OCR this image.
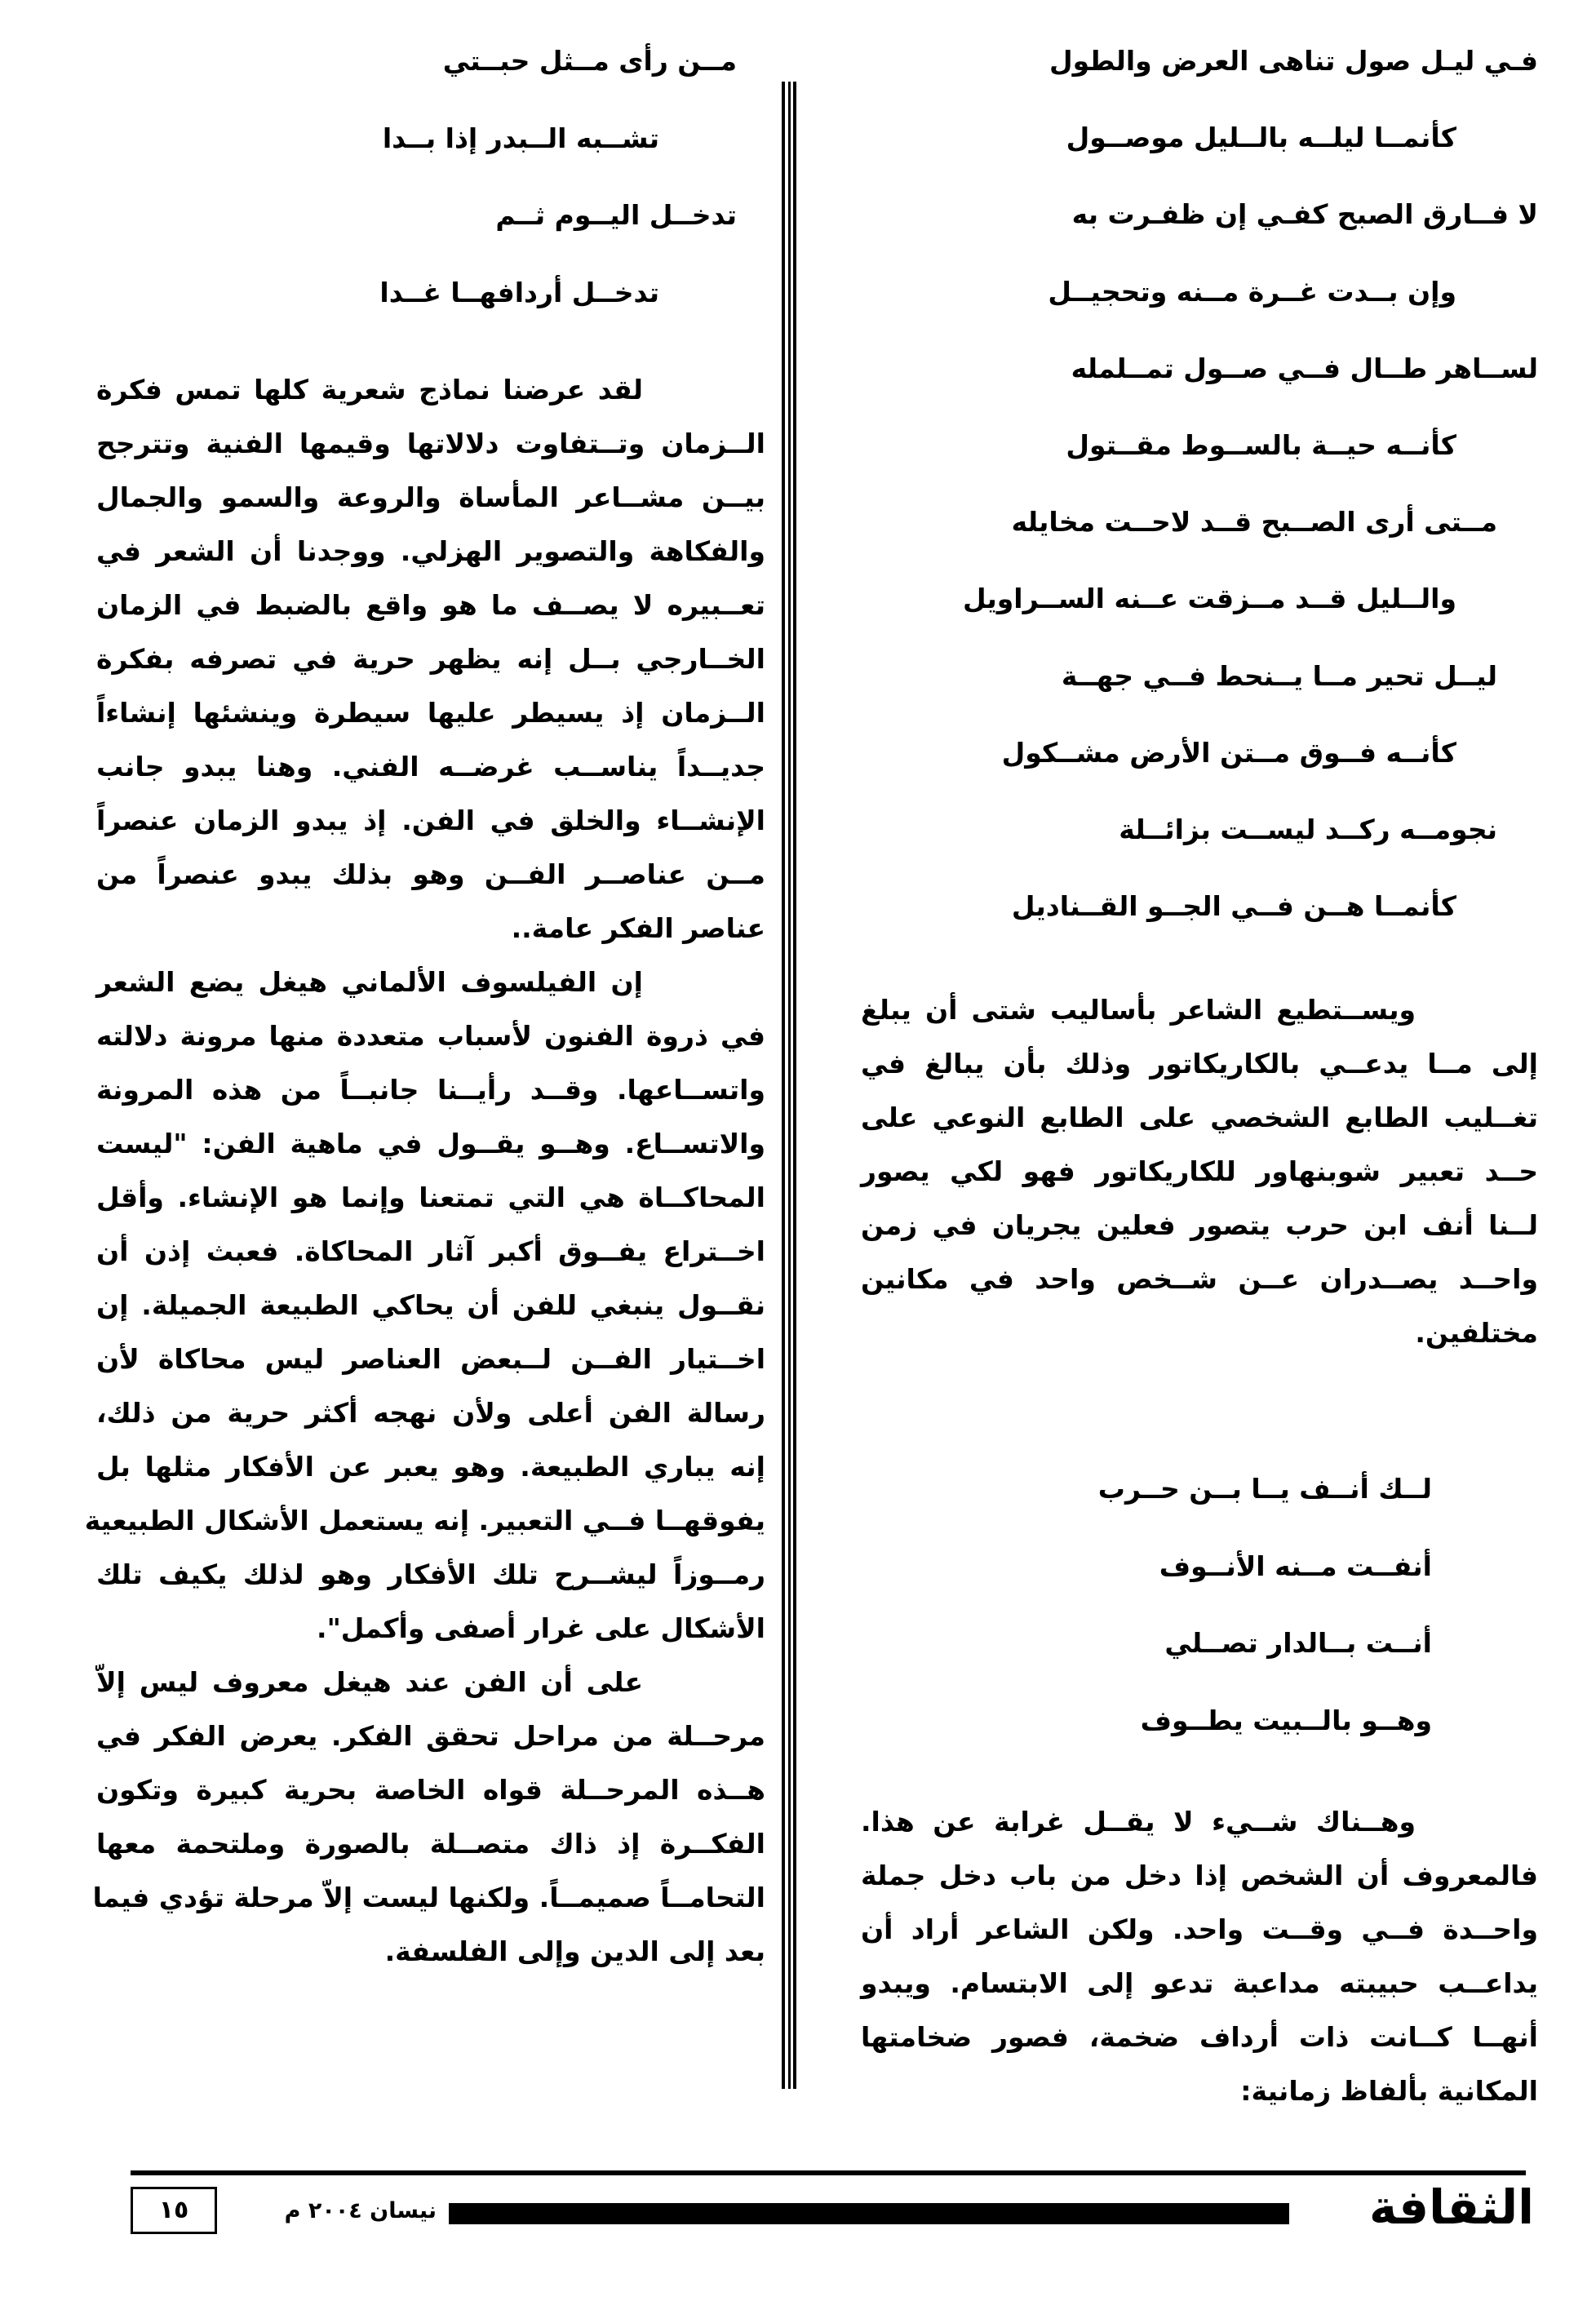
فـي ليـل صول تناهى العرض والطول
كأنمــا ليلــه بالــليل موصــول
لا فــارق الصبح كفـي إن ظفـرت به
وإن بــدت غــرة مــنه وتحجيــل
لســاهر طــال فــي صــول تمــلمله
كأنــه حيــة بالســوط مقــتول
مــتى أرى الصــبح قــد لاحــت مخايله
والــليل قــد مــزقت عــنه الســراويل
ليــل تحير مــا يــنحط فــي جهــة
كأنــه فــوق مــتن الأرض مشــكول
نجومــه ركــد ليســت بزائــلة
كأنمــا هــن فــي الجــو القــناديل
ويســتطيع الشاعر بأساليب شتى أن يبلغ
إلى مــا يدعــي بالكاريكاتور وذلك بأن يبالغ في
تغــليب الطابع الشخصي على الطابع النوعي على
حــد تعبير شوبنهاور للكاريكاتور فهو لكي يصور
لــنا أنف ابن حرب يتصور فعلين يجريان في زمن
واحــد يصــدران عــن شــخص واحد في مكانين
مختلفين.
لــك أنــف يــا بــن حــرب
أنفــت مــنه الأنــوف
أنــت بــالدار تصــلي
وهــو بالــبيت يطــوف
وهــناك شــيء لا يقــل غرابة عن هذا.
فالمعروف أن الشخص إذا دخل من باب دخل جملة
واحــدة فــي وقــت واحد. ولكن الشاعر أراد أن
يداعــب حبيبته مداعبة تدعو إلى الابتسام. ويبدو
أنهــا كــانت ذات أرداف ضخمة، فصور ضخامتها
المكانية بألفاظ زمانية:
مــن رأى مــثل حبــتي
تشــبه الــبدر إذا بــدا
تدخــل اليــوم ثــم
تدخــل أردافهــا غــدا
لقد عرضنا نماذج شعرية كلها تمس فكرة
الــزمان وتــتفاوت دلالاتها وقيمها الفنية وتترجح
بيــن مشــاعر المأساة والروعة والسمو والجمال
والفكاهة والتصوير الهزلي. ووجدنا أن الشعر في
تعــبيره لا يصــف ما هو واقع بالضبط في الزمان
الخــارجي بــل إنه يظهر حرية في تصرفه بفكرة
الــزمان إذ يسيطر عليها سيطرة وينشئها إنشاءاً
جديــداً يناســب غرضــه الفني. وهنا يبدو جانب
الإنشــاء والخلق في الفن. إذ يبدو الزمان عنصراً
مــن عناصــر الفــن وهو بذلك يبدو عنصراً من
عناصر الفكر عامة..
إن الفيلسوف الألماني هيغل يضع الشعر
في ذروة الفنون لأسباب متعددة منها مرونة دلالته
واتســاعها. وقــد رأيــنا جانبــاً من هذه المرونة
والاتســاع. وهــو يقــول في ماهية الفن: "ليست
المحاكــاة هي التي تمتعنا وإنما هو الإنشاء. وأقل
اخــتراع يفــوق أكبر آثار المحاكاة. فعبث إذن أن
نقــول ينبغي للفن أن يحاكي الطبيعة الجميلة. إن
اخــتيار الفــن لــبعض العناصر ليس محاكاة لأن
رسالة الفن أعلى ولأن نهجه أكثر حرية من ذلك،
إنه يباري الطبيعة. وهو يعبر عن الأفكار مثلها بل
يفوقهــا فــي التعبير. إنه يستعمل الأشكال الطبيعية
رمــوزاً ليشــرح تلك الأفكار وهو لذلك يكيف تلك
الأشكال على غرار أصفى وأكمل".
على أن الفن عند هيغل معروف ليس إلاّ
مرحــلة من مراحل تحقق الفكر. يعرض الفكر في
هــذه المرحــلة قواه الخاصة بحرية كبيرة وتكون
الفكــرة إذ ذاك متصــلة بالصورة وملتحمة معها
التحامــاً صميمــاً. ولكنها ليست إلاّ مرحلة تؤدي فيما
بعد إلى الدين وإلى الفلسفة.
الثقافة
نيسان ٢٠٠٤ م
١٥
